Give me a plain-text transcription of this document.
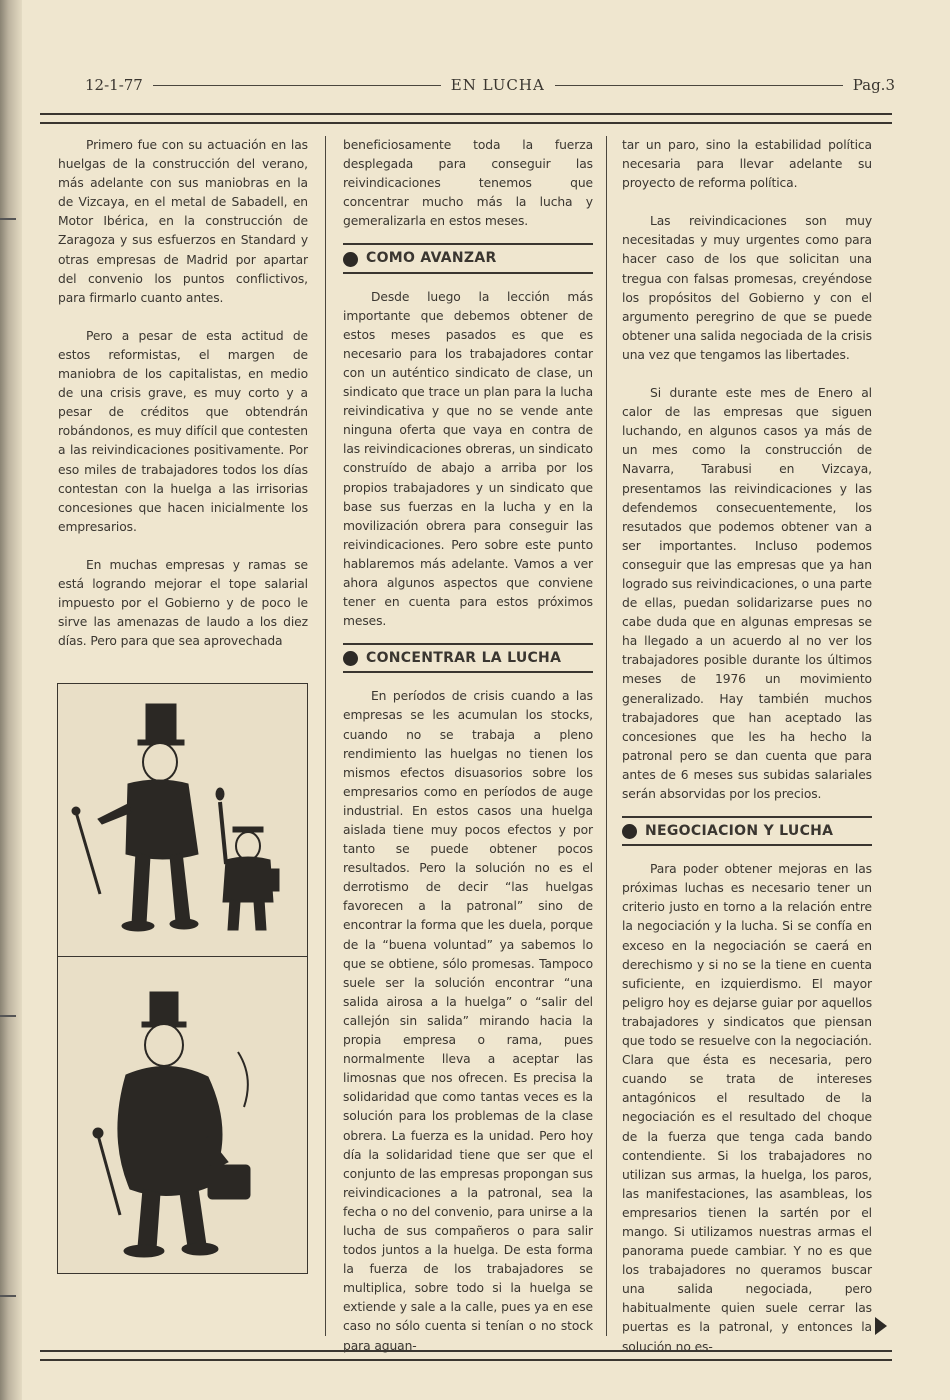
12-1-77	EN LUCHA	Pag.3

Primero fue con su actuación en las huelgas de la construcción del verano, más adelante con sus maniobras en la de Vizcaya, en el metal de Sabadell, en Motor Ibérica, en la construcción de Zaragoza y sus esfuerzos en Standard y otras empresas de Madrid por apartar del convenio los puntos conflictivos, para firmarlo cuanto antes.

Pero a pesar de esta actitud de estos reformistas, el margen de maniobra de los capitalistas, en medio de una crisis grave, es muy corto y a pesar de créditos que obtendrán robándonos, es muy difícil que contesten a las reivindicaciones positivamente. Por eso miles de trabajadores todos los días contestan con la huelga a las irrisorias concesiones que hacen inicialmente los empresarios.

En muchas empresas y ramas se está logrando mejorar el tope salarial impuesto por el Gobierno y de poco le sirve las amenazas de laudo a los diez días. Pero para que sea aprovechada

beneficiosamente toda la fuerza desplegada para conseguir las reivindicaciones tenemos que concentrar mucho más la lucha y gemeralizarla en estos meses.

COMO AVANZAR

Desde luego la lección más importante que debemos obtener de estos meses pasados es que es necesario para los trabajadores contar con un auténtico sindicato de clase, un sindicato que trace un plan para la lucha reivindicativa y que no se vende ante ninguna oferta que vaya en contra de las reivindicaciones obreras, un sindicato construído de abajo a arriba por los propios trabajadores y un sindicato que base sus fuerzas en la lucha y en la movilización obrera para conseguir las reivindicaciones. Pero sobre este punto hablaremos más adelante. Vamos a ver ahora algunos aspectos que conviene tener en cuenta para estos próximos meses.

CONCENTRAR LA LUCHA

En períodos de crisis cuando a las empresas se les acumulan los stocks, cuando no se trabaja a pleno rendimiento las huelgas no tienen los mismos efectos disuasorios sobre los empresarios como en períodos de auge industrial. En estos casos una huelga aislada tiene muy pocos efectos y por tanto se puede obtener pocos resultados. Pero la solución no es el derrotismo de decir “las huelgas favorecen a la patronal” sino de encontrar la forma que les duela, porque de la “buena voluntad” ya sabemos lo que se obtiene, sólo promesas. Tampoco suele ser la solución encontrar “una salida airosa a la huelga” o “salir del callejón sin salida” mirando hacia la propia empresa o rama, pues normalmente lleva a aceptar las limosnas que nos ofrecen. Es precisa la solidaridad que como tantas veces es la solución para los problemas de la clase obrera. La fuerza es la unidad. Pero hoy día la solidaridad tiene que ser que el conjunto de las empresas propongan sus reivindicaciones a la patronal, sea la fecha o no del convenio, para unirse a la lucha de sus compañeros o para salir todos juntos a la huelga. De esta forma la fuerza de los trabajadores se multiplica, sobre todo si la huelga se extiende y sale a la calle, pues ya en ese caso no sólo cuenta si tenían o no stock para aguan-

tar un paro, sino la estabilidad política necesaria para llevar adelante su proyecto de reforma política.

Las reivindicaciones son muy necesitadas y muy urgentes como para hacer caso de los que solicitan una tregua con falsas promesas, creyéndose los propósitos del Gobierno y con el argumento peregrino de que se puede obtener una salida negociada de la crisis una vez que tengamos las libertades.

Si durante este mes de Enero al calor de las empresas que siguen luchando, en algunos casos ya más de un mes como la construcción de Navarra, Tarabusi en Vizcaya, presentamos las reivindicaciones y las defendemos consecuentemente, los resutados que podemos obtener van a ser importantes. Incluso podemos conseguir que las empresas que ya han logrado sus reivindicaciones, o una parte de ellas, puedan solidarizarse pues no cabe duda que en algunas empresas se ha llegado a un acuerdo al no ver los trabajadores posible durante los últimos meses de 1976 un movimiento generalizado. Hay también muchos trabajadores que han aceptado las concesiones que les ha hecho la patronal pero se dan cuenta que para antes de 6 meses sus subidas salariales serán absorvidas por los precios.

NEGOCIACION Y LUCHA

Para poder obtener mejoras en las próximas luchas es necesario tener un criterio justo en torno a la relación entre la negociación y la lucha. Si se confía en exceso en la negociación se caerá en derechismo y si no se la tiene en cuenta suficiente, en izquierdismo. El mayor peligro hoy es dejarse guiar por aquellos trabajadores y sindicatos que piensan que todo se resuelve con la negociación. Clara que ésta es necesaria, pero cuando se trata de intereses antagónicos el resultado de la negociación es el resultado del choque de la fuerza que tenga cada bando contendiente. Si los trabajadores no utilizan sus armas, la huelga, los paros, las manifestaciones, las asambleas, los empresarios tienen la sartén por el mango. Si utilizamos nuestras armas el panorama puede cambiar. Y no es que los trabajadores no queramos buscar una salida negociada, pero habitualmente quien suele cerrar las puertas es la patronal, y entonces la solución no es-
